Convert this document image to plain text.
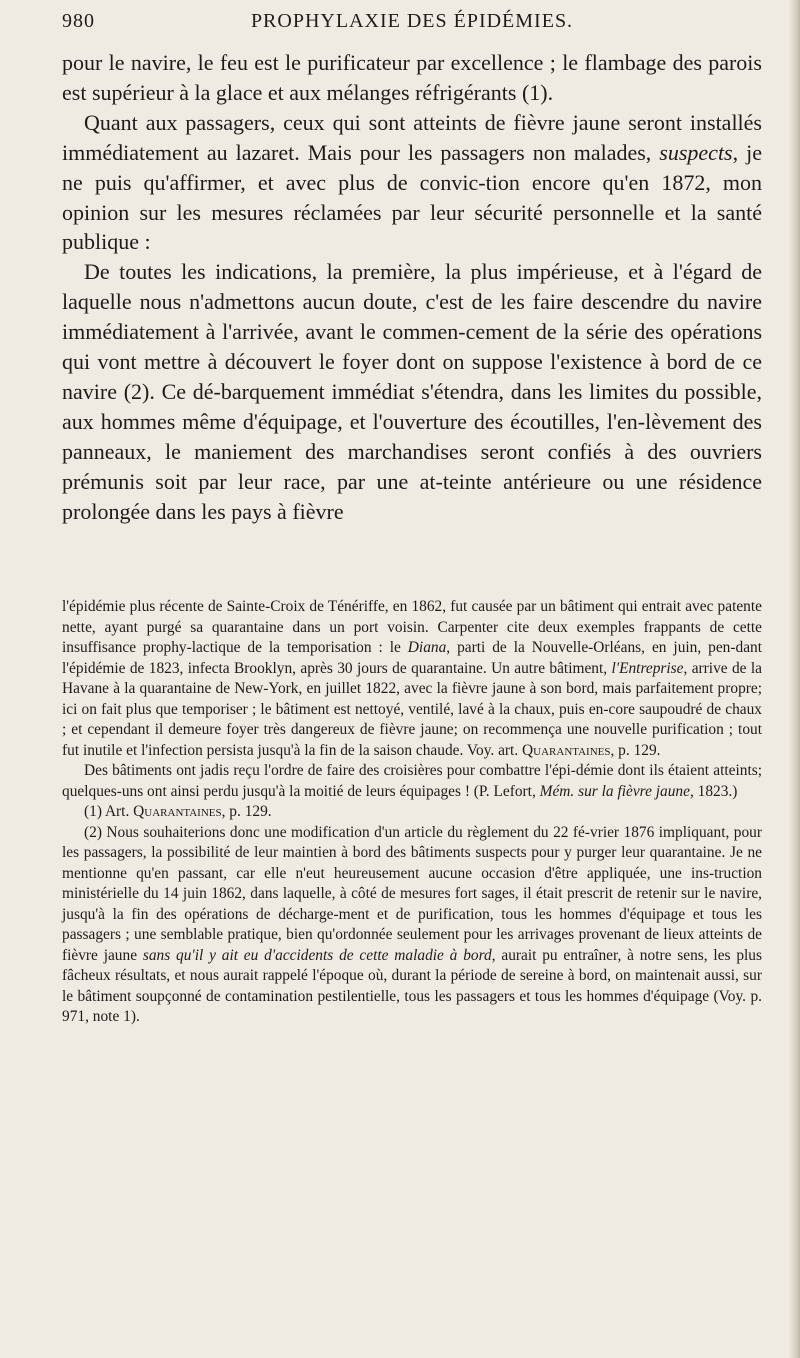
980	PROPHYLAXIE DES ÉPIDÉMIES.

pour le navire, le feu est le purificateur par excellence ; le flambage des parois est supérieur à la glace et aux mélanges réfrigérants (1).

Quant aux passagers, ceux qui sont atteints de fièvre jaune seront installés immédiatement au lazaret. Mais pour les passagers non malades, suspects, je ne puis qu'affirmer, et avec plus de convic-tion encore qu'en 1872, mon opinion sur les mesures réclamées par leur sécurité personnelle et la santé publique :

De toutes les indications, la première, la plus impérieuse, et à l'égard de laquelle nous n'admettons aucun doute, c'est de les faire descendre du navire immédiatement à l'arrivée, avant le commen-cement de la série des opérations qui vont mettre à découvert le foyer dont on suppose l'existence à bord de ce navire (2). Ce dé-barquement immédiat s'étendra, dans les limites du possible, aux hommes même d'équipage, et l'ouverture des écoutilles, l'en-lèvement des panneaux, le maniement des marchandises seront confiés à des ouvriers prémunis soit par leur race, par une at-teinte antérieure ou une résidence prolongée dans les pays à fièvre

l'épidémie plus récente de Sainte-Croix de Ténériffe, en 1862, fut causée par un bâtiment qui entrait avec patente nette, ayant purgé sa quarantaine dans un port voisin. Carpenter cite deux exemples frappants de cette insuffisance prophy-lactique de la temporisation : le Diana, parti de la Nouvelle-Orléans, en juin, pen-dant l'épidémie de 1823, infecta Brooklyn, après 30 jours de quarantaine. Un autre bâtiment, l'Entreprise, arrive de la Havane à la quarantaine de New-York, en juillet 1822, avec la fièvre jaune à son bord, mais parfaitement propre; ici on fait plus que temporiser ; le bâtiment est nettoyé, ventilé, lavé à la chaux, puis en-core saupoudré de chaux ; et cependant il demeure foyer très dangereux de fièvre jaune; on recommença une nouvelle purification ; tout fut inutile et l'infection persista jusqu'à la fin de la saison chaude. Voy. art. Quarantaines, p. 129.

Des bâtiments ont jadis reçu l'ordre de faire des croisières pour combattre l'épi-démie dont ils étaient atteints; quelques-uns ont ainsi perdu jusqu'à la moitié de leurs équipages ! (P. Lefort, Mém. sur la fièvre jaune, 1823.)

(1) Art. Quarantaines, p. 129.

(2) Nous souhaiterions donc une modification d'un article du règlement du 22 fé-vrier 1876 impliquant, pour les passagers, la possibilité de leur maintien à bord des bâtiments suspects pour y purger leur quarantaine. Je ne mentionne qu'en passant, car elle n'eut heureusement aucune occasion d'être appliquée, une ins-truction ministérielle du 14 juin 1862, dans laquelle, à côté de mesures fort sages, il était prescrit de retenir sur le navire, jusqu'à la fin des opérations de décharge-ment et de purification, tous les hommes d'équipage et tous les passagers ; une semblable pratique, bien qu'ordonnée seulement pour les arrivages provenant de lieux atteints de fièvre jaune sans qu'il y ait eu d'accidents de cette maladie à bord, aurait pu entraîner, à notre sens, les plus fâcheux résultats, et nous aurait rappelé l'époque où, durant la période de sereine à bord, on maintenait aussi, sur le bâtiment soupçonné de contamination pestilentielle, tous les passagers et tous les hommes d'équipage (Voy. p. 971, note 1).
